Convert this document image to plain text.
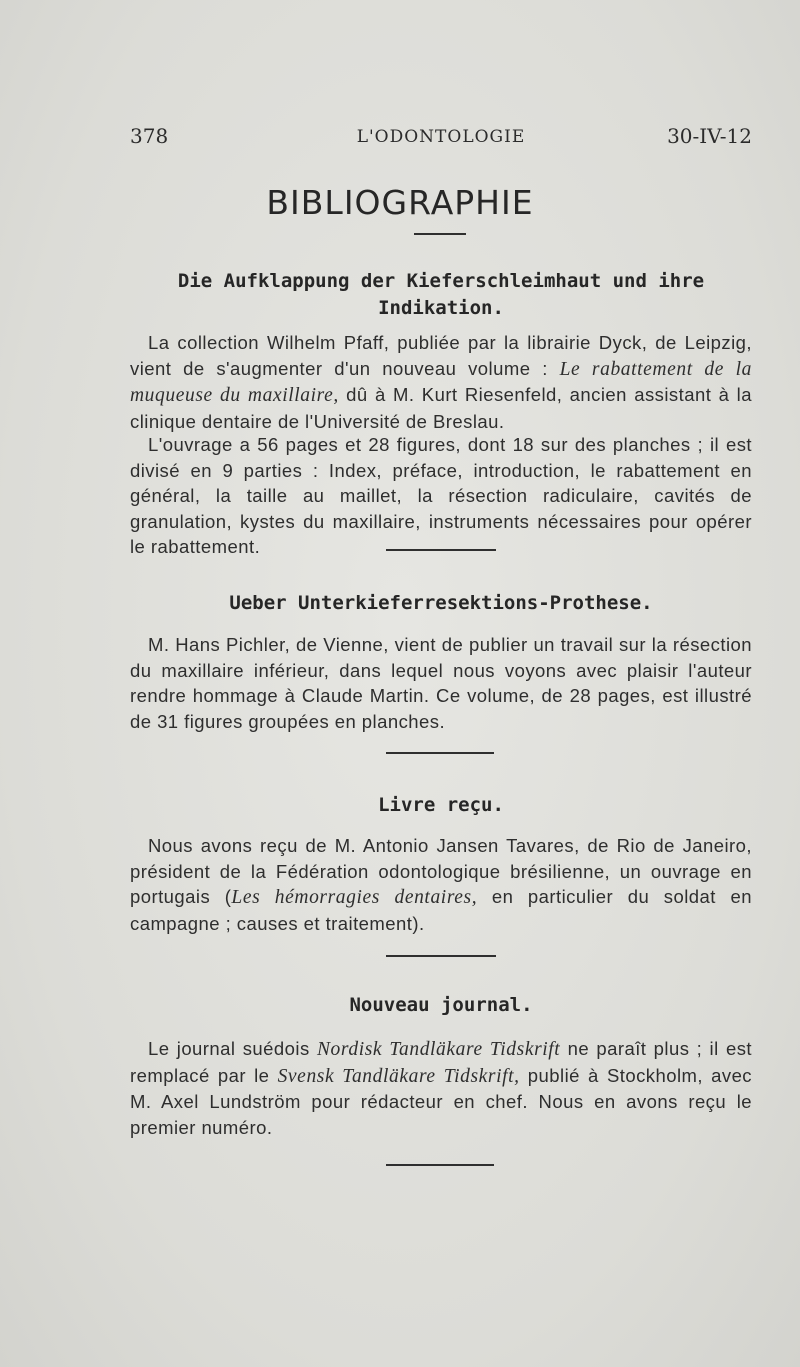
378	L'ODONTOLOGIE	30-IV-12
BIBLIOGRAPHIE
Die Aufklappung der Kieferschleimhaut und ihre
Indikation.

La collection Wilhelm Pfaff, publiée par la librairie Dyck, de Leipzig, vient de s'augmenter d'un nouveau volume : Le rabattement de la muqueuse du maxillaire, dû à M. Kurt Riesenfeld, ancien assistant à la clinique dentaire de l'Université de Breslau.

L'ouvrage a 56 pages et 28 figures, dont 18 sur des planches ; il est divisé en 9 parties : Index, préface, introduction, le rabattement en général, la taille au maillet, la résection radiculaire, cavités de granulation, kystes du maxillaire, instruments nécessaires pour opérer le rabattement.

Ueber Unterkieferresektions-Prothese.

M. Hans Pichler, de Vienne, vient de publier un travail sur la résection du maxillaire inférieur, dans lequel nous voyons avec plaisir l'auteur rendre hommage à Claude Martin. Ce volume, de 28 pages, est illustré de 31 figures groupées en planches.

Livre reçu.

Nous avons reçu de M. Antonio Jansen Tavares, de Rio de Janeiro, président de la Fédération odontologique brésilienne, un ouvrage en portugais (Les hémorragies dentaires, en particulier du soldat en campagne ; causes et traitement).

Nouveau journal.

Le journal suédois Nordisk Tandläkare Tidskrift ne paraît plus ; il est remplacé par le Svensk Tandläkare Tidskrift, publié à Stockholm, avec M. Axel Lundström pour rédacteur en chef. Nous en avons reçu le premier numéro.
